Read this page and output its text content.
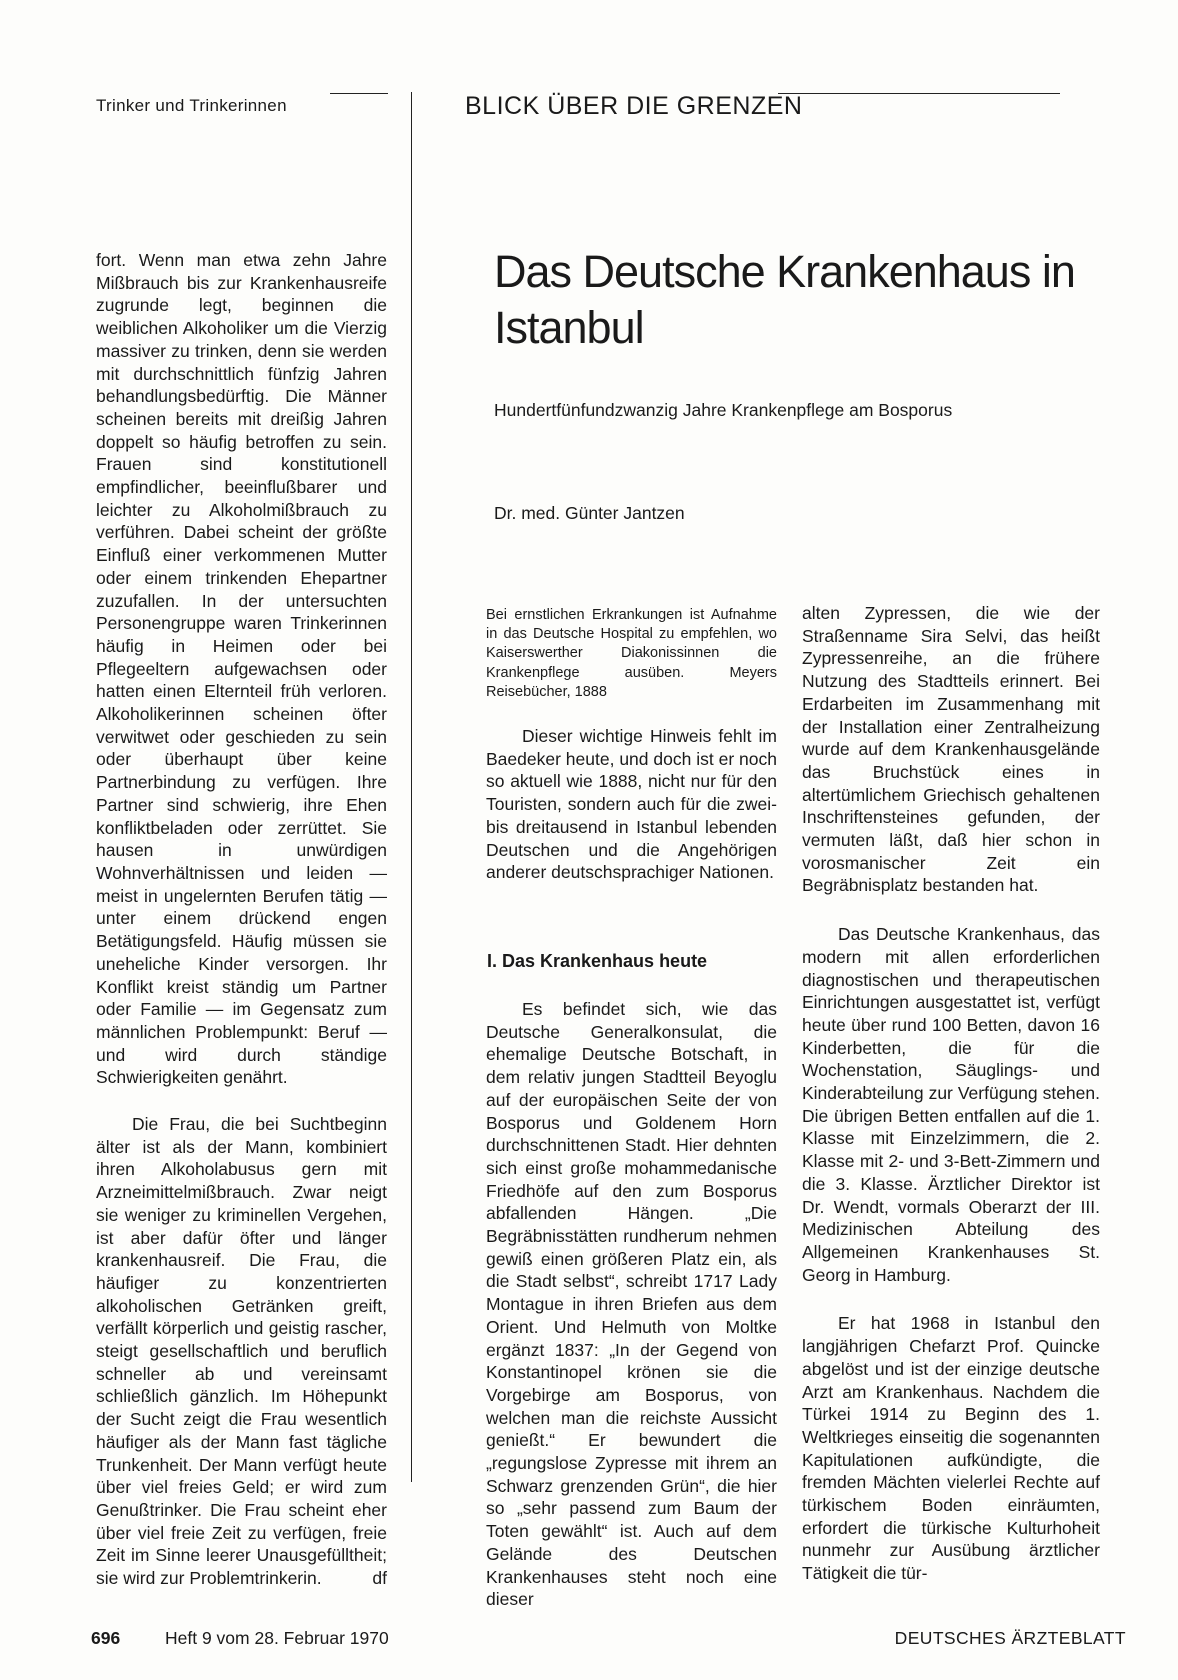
Trinker und Trinkerinnen	BLICK ÜBER DIE GRENZEN
Das Deutsche Krankenhaus in Istanbul
Hundertfünfundzwanzig Jahre Krankenpflege am Bosporus
Dr. med. Günter Jantzen

fort. Wenn man etwa zehn Jahre Mißbrauch bis zur Krankenhausreife zugrunde legt, beginnen die weiblichen Alkoholiker um die Vierzig massiver zu trinken, denn sie werden mit durchschnittlich fünfzig Jahren behandlungsbedürftig. Die Männer scheinen bereits mit dreißig Jahren doppelt so häufig betroffen zu sein. Frauen sind konstitutionell empfindlicher, beeinflußbarer und leichter zu Alkoholmißbrauch zu verführen. Dabei scheint der größte Einfluß einer verkommenen Mutter oder einem trinkenden Ehepartner zuzufallen. In der untersuchten Personengruppe waren Trinkerinnen häufig in Heimen oder bei Pflegeeltern aufgewachsen oder hatten einen Elternteil früh verloren. Alkoholikerinnen scheinen öfter verwitwet oder geschieden zu sein oder überhaupt über keine Partnerbindung zu verfügen. Ihre Partner sind schwierig, ihre Ehen konfliktbeladen oder zerrüttet. Sie hausen in unwürdigen Wohnverhältnissen und leiden — meist in ungelernten Berufen tätig — unter einem drückend engen Betätigungsfeld. Häufig müssen sie uneheliche Kinder versorgen. Ihr Konflikt kreist ständig um Partner oder Familie — im Gegensatz zum männlichen Problempunkt: Beruf — und wird durch ständige Schwierigkeiten genährt.

Die Frau, die bei Suchtbeginn älter ist als der Mann, kombiniert ihren Alkoholabusus gern mit Arzneimittelmißbrauch. Zwar neigt sie weniger zu kriminellen Vergehen, ist aber dafür öfter und länger krankenhausreif. Die Frau, die häufiger zu konzentrierten alkoholischen Getränken greift, verfällt körperlich und geistig rascher, steigt gesellschaftlich und beruflich schneller ab und vereinsamt schließlich gänzlich. Im Höhepunkt der Sucht zeigt die Frau wesentlich häufiger als der Mann fast tägliche Trunkenheit. Der Mann verfügt heute über viel freies Geld; er wird zum Genußtrinker. Die Frau scheint eher über viel freie Zeit zu verfügen, freie Zeit im Sinne leerer Unausgefülltheit; sie wird zur Problemtrinkerin.	df
Bei ernstlichen Erkrankungen ist Aufnahme in das Deutsche Hospital zu empfehlen, wo Kaiserswerther Diakonissinnen die Krankenpflege ausüben. Meyers Reisebücher, 1888

Dieser wichtige Hinweis fehlt im Baedeker heute, und doch ist er noch so aktuell wie 1888, nicht nur für den Touristen, sondern auch für die zwei- bis dreitausend in Istanbul lebenden Deutschen und die Angehörigen anderer deutschsprachiger Nationen.

I. Das Krankenhaus heute

Es befindet sich, wie das Deutsche Generalkonsulat, die ehemalige Deutsche Botschaft, in dem relativ jungen Stadtteil Beyoglu auf der europäischen Seite der von Bosporus und Goldenem Horn durchschnittenen Stadt. Hier dehnten sich einst große mohammedanische Friedhöfe auf den zum Bosporus abfallenden Hängen. „Die Begräbnisstätten rundherum nehmen gewiß einen größeren Platz ein, als die Stadt selbst“, schreibt 1717 Lady Montague in ihren Briefen aus dem Orient. Und Helmuth von Moltke ergänzt 1837: „In der Gegend von Konstantinopel krönen sie die Vorgebirge am Bosporus, von welchen man die reichste Aussicht genießt.“ Er bewundert die „regungslose Zypresse mit ihrem an Schwarz grenzenden Grün“, die hier so „sehr passend zum Baum der Toten gewählt“ ist. Auch auf dem Gelände des Deutschen Krankenhauses steht noch eine dieser

alten Zypressen, die wie der Straßenname Sira Selvi, das heißt Zypressenreihe, an die frühere Nutzung des Stadtteils erinnert. Bei Erdarbeiten im Zusammenhang mit der Installation einer Zentralheizung wurde auf dem Krankenhausgelände das Bruchstück eines in altertümlichem Griechisch gehaltenen Inschriftensteines gefunden, der vermuten läßt, daß hier schon in vorosmanischer Zeit ein Begräbnisplatz bestanden hat.

Das Deutsche Krankenhaus, das modern mit allen erforderlichen diagnostischen und therapeutischen Einrichtungen ausgestattet ist, verfügt heute über rund 100 Betten, davon 16 Kinderbetten, die für die Wochenstation, Säuglings- und Kinderabteilung zur Verfügung stehen. Die übrigen Betten entfallen auf die 1. Klasse mit Einzelzimmern, die 2. Klasse mit 2- und 3-Bett-Zimmern und die 3. Klasse. Ärztlicher Direktor ist Dr. Wendt, vormals Oberarzt der III. Medizinischen Abteilung des Allgemeinen Krankenhauses St. Georg in Hamburg.

Er hat 1968 in Istanbul den langjährigen Chefarzt Prof. Quincke abgelöst und ist der einzige deutsche Arzt am Krankenhaus. Nachdem die Türkei 1914 zu Beginn des 1. Weltkrieges einseitig die sogenannten Kapitulationen aufkündigte, die fremden Mächten vielerlei Rechte auf türkischem Boden einräumten, erfordert die türkische Kulturhoheit nunmehr zur Ausübung ärztlicher Tätigkeit die tür-

696	Heft 9 vom 28. Februar 1970	DEUTSCHES ÄRZTEBLATT
